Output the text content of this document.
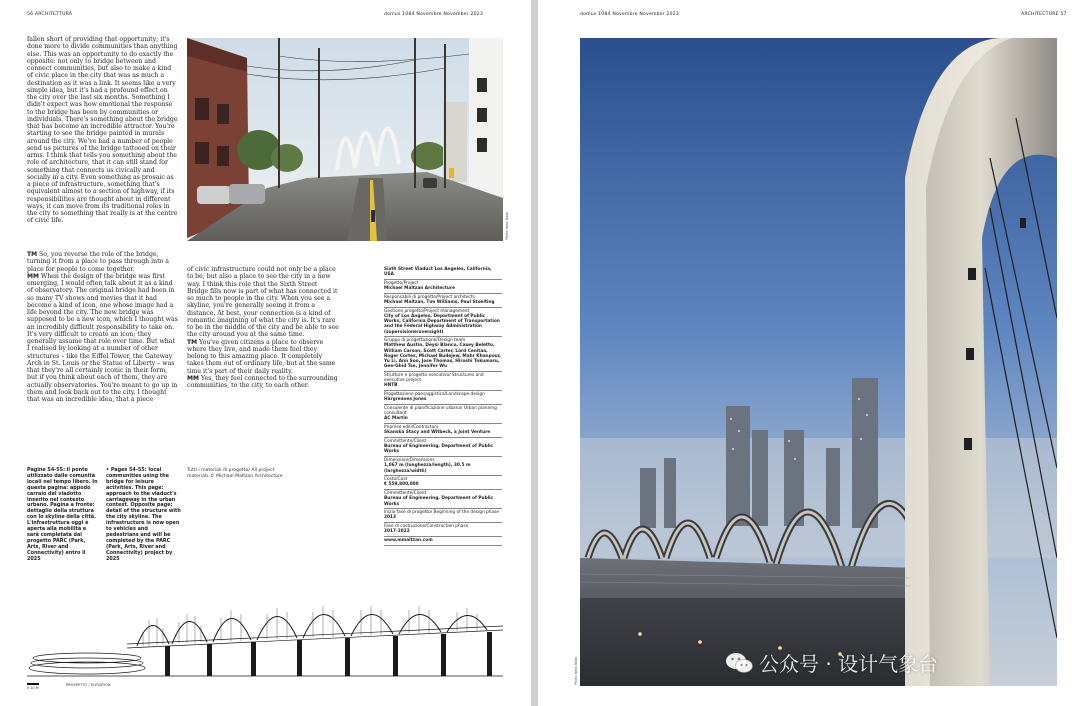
56 ARCHITETTURA	domus 1084 Novembre November 2023

fallen short of providing that opportunity; it's done more to divide communities than anything else. This was an opportunity to do exactly the opposite: not only to bridge between and connect communities, but also to make a kind of civic place in the city that was as much a destination as it was a link. It seems like a very simple idea, but it's had a profound effect on the city over the last six months. Something I didn't expect was how emotional the response to the bridge has been by communities or individuals. There's something about the bridge that has become an incredible attractor. You're starting to see the bridge painted in murals around the city. We've had a number of people send us pictures of the bridge tattooed on their arms. I think that tells you something about the role of architecture, that it can still stand for something that connects us civically and socially in a city. Even something as prosaic as a piece of infrastructure, something that's equivalent almost to a section of highway, if its responsibilities are thought about in different ways, it can move from its traditional roles in the city to something that really is at the centre of civic life.	Photo Iwan Baan

TM So, you reverse the role of the bridge, turning it from a place to pass through into a place for people to come together.

MM When the design of the bridge was first emerging, I would often talk about it as a kind of observatory. The original bridge had been in so many TV shows and movies that it had become a kind of icon, one whose image had a life beyond the city. The new bridge was supposed to be a new icon, which I thought was an incredibly difficult responsibility to take on. It's very difficult to create an icon; they generally assume that role over time. But what I realised by looking at a number of other structures – like the Eiffel Tower, the Gateway Arch in St. Louis or the Statue of Liberty – was that they're all certainly iconic in their form, but if you think about each of them, they are actually observatories. You're meant to go up in them and look back out to the city. I thought that was an incredible idea, that a piece

of civic infrastructure could not only be a place to be, but also a place to see the city in a new way. I think this role that the Sixth Street Bridge fills now is part of what has connected it so much to people in the city. When you see a skyline, you're generally seeing it from a distance. At best, your connection is a kind of romantic imagining of what the city is. It's rare to be in the middle of the city and be able to see the city around you at the same time.

TM You've given citizens a place to observe where they live, and made them feel they belong to this amazing place. It completely takes them out of ordinary life, but at the same time it's part of their daily reality.

MM Yes, they feel connected to the surrounding communities, to the city, to each other.

Pagine 54-55: il ponte utilizzato dalle comunità locali nel tempo libero. In questa pagina: appodo carraio del viadotto inserito nel contesto urbano. Pagina a fronte: dettaglio della struttura con lo skyline della città. L'infrastruttura oggi è aperta alla mobilità e sarà completata dal progetto PARC (Park, Arts, River and Connectivity) entro il 2025
• Pages 54-55: local communities using the bridge for leisure activities. This page: approach to the viaduct's carriageway in the urban context. Opposite page: detail of the structure with the city skyline. The infrastructure is now open to vehicles and pedestrians and will be completed by the PARC (Park, Arts, River and Connectivity) project by 2025
Tutti i materiali di progetto/ All project materials © Michael Maltzan Architecture
Sixth Street Viaduct Los Angeles, California, USA
Progetto/Project
Michael Maltzan Architecture
Responsabili di progetto/Project architects
Michael Maltzan, Tim Williams, Paul Stoelting
Gestione progetto/Project management
City of Los Angeles, Department of Public Works; California Department of Transportation and the Federal Highway Administration (supervisione/oversight)
Gruppo di progettazione/Design team
Matthew Austin, Deysi Blanco, Casey Beletto, William Carson, Scott Carter, Lord Cenitaa, Roger Cortes, Michael Budejew, Mahr Khanpour, Yu Li, Ann Soo, Jose Thomas, Hiroshi Tokumaru, Gee-Ghid Tse, Jennifer Wu
Strutture e progetto esecutivo/ Structures and executive project
HNTB
Progettazione paesaggistica/Landscape design
Hargreaves Jones
Consulente di pianificazione urbana/ Urban planning consultant
AC Martin
Imprese edili/Contractors
Skanska Stacy and Witbeck, a Joint Venture
Committente/Client
Bureau of Engineering, Department of Public Works
Dimensioni/Dimensions
1,067 m (lunghezza/length), 30.5 m (larghezza/width)
Costo/Cost
€ 559,800,000
Committente/Client
Bureau of Engineering, Department of Public Works
Inizio fase di progetto/ Beginning of the design phase
2013
Fase di costruzione/Construction phase
2017-2022
www.mmaltzan.com
0 10 M
PROSPETTO / ELEVATION
domus 1084 Novembre November 2023	ARCHITECTURE 57
Photo Iwan Baan	公众号 · 设计气象台
